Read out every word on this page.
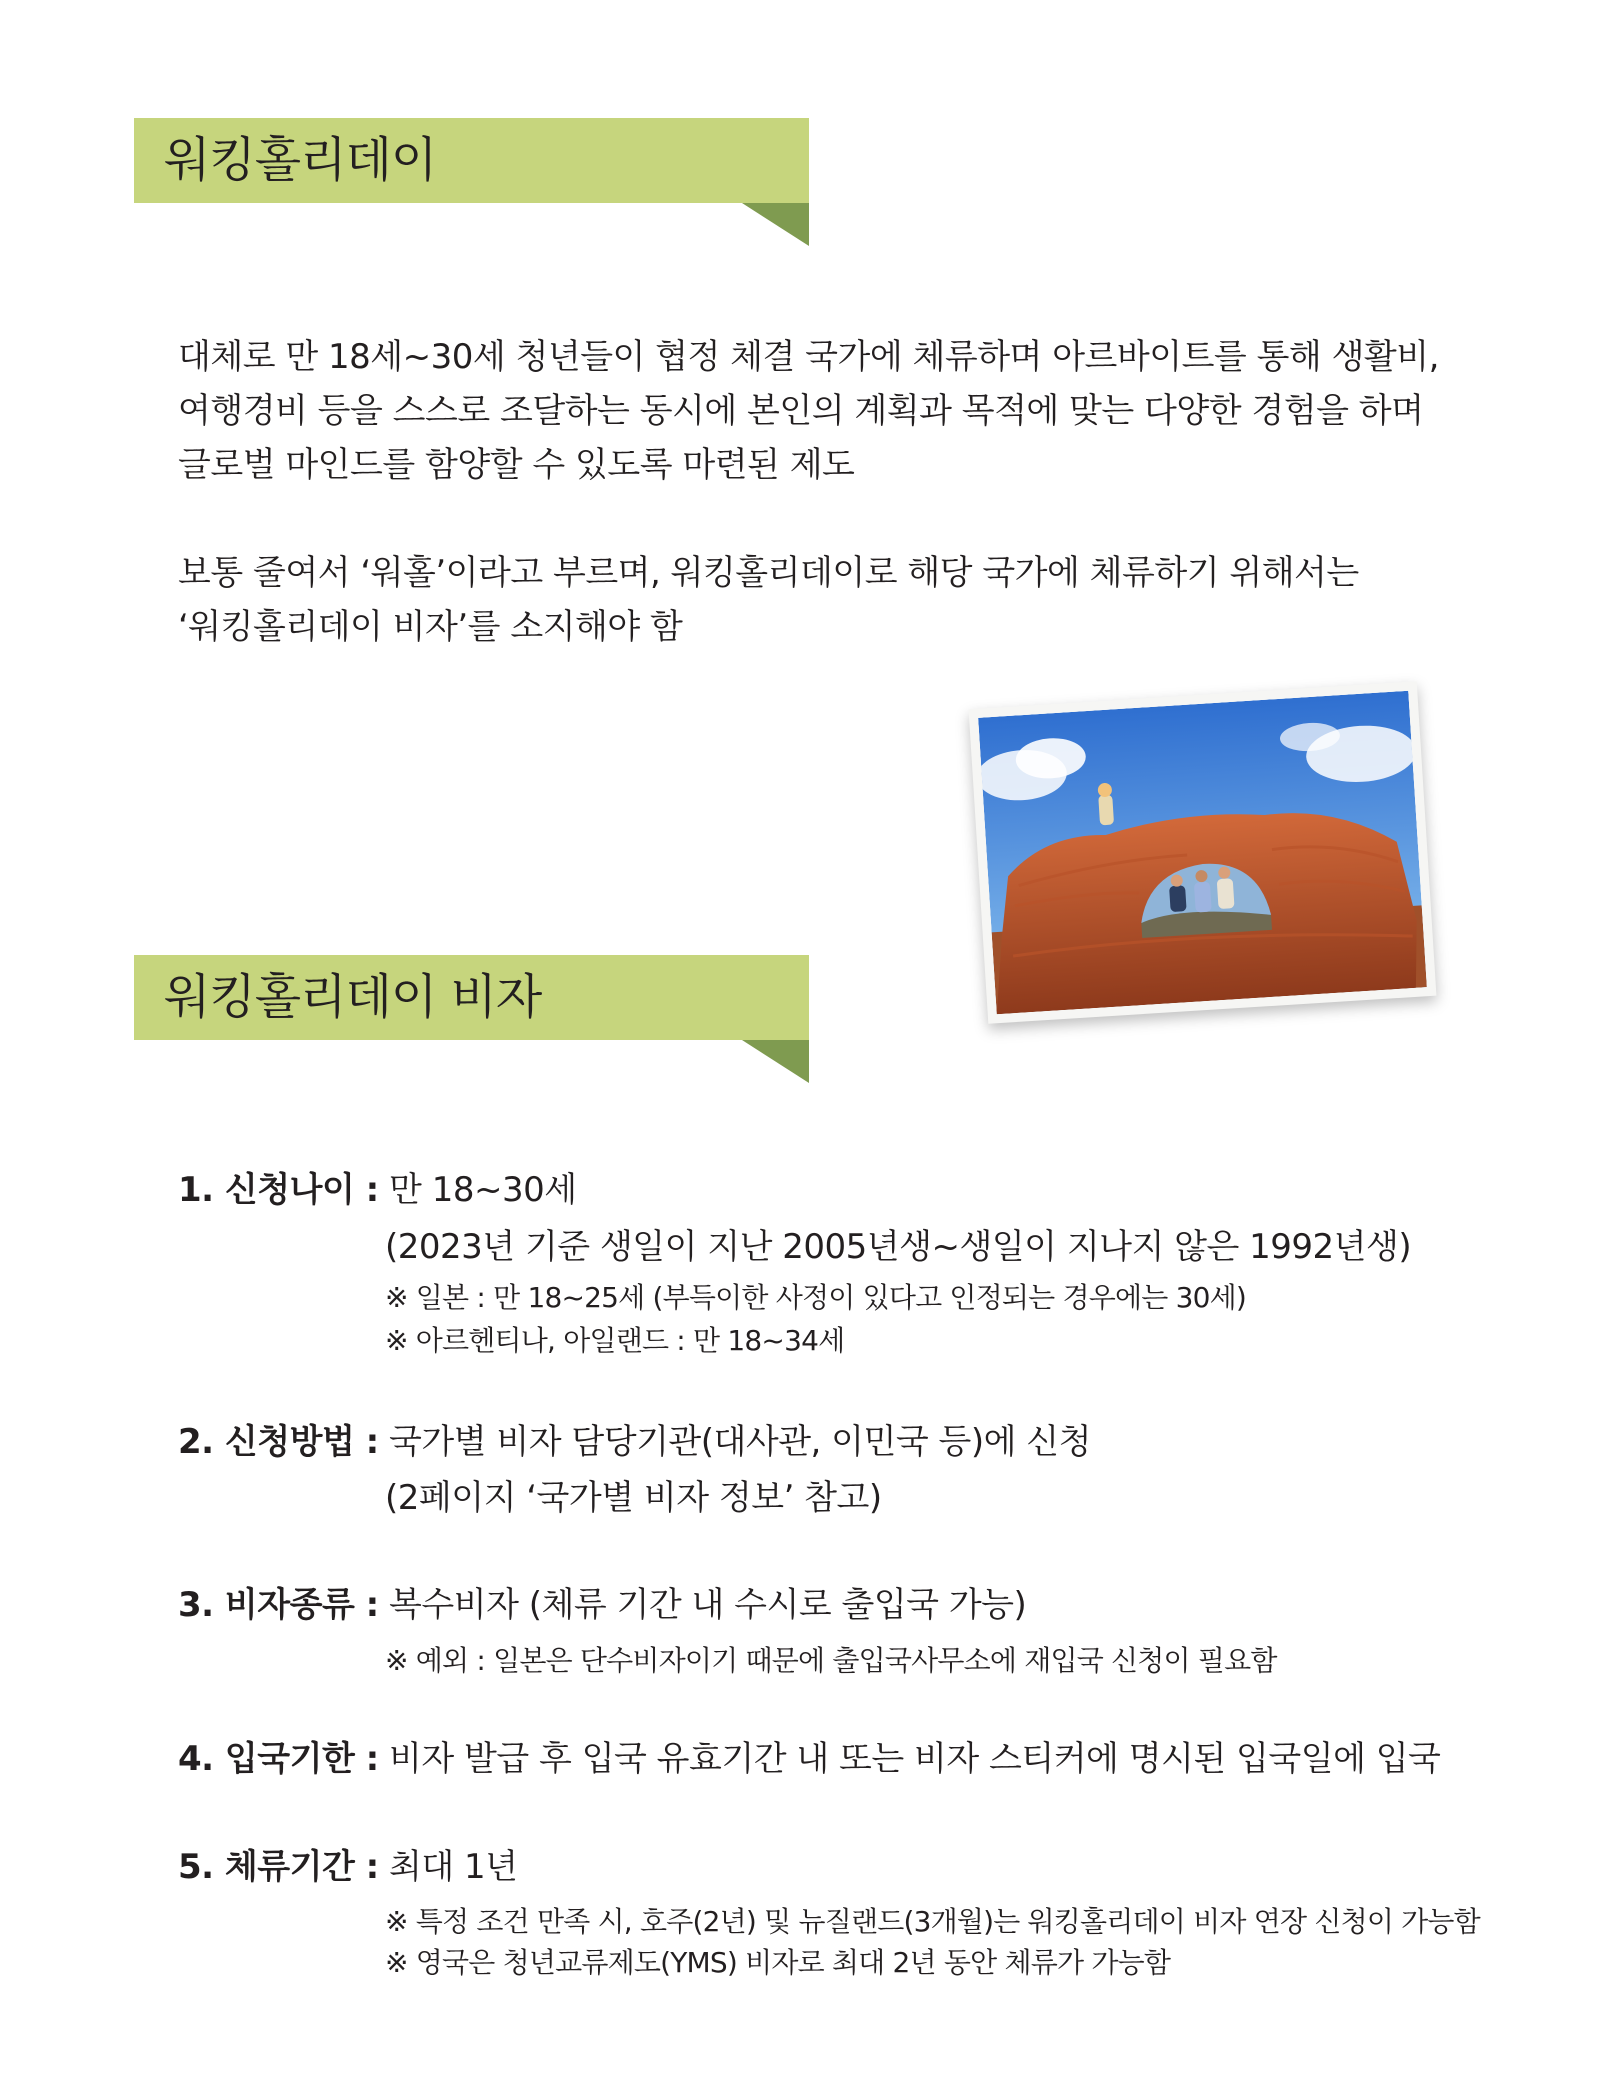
워킹홀리데이
대체로 만 18세~30세 청년들이 협정 체결 국가에 체류하며 아르바이트를 통해 생활비,
여행경비 등을 스스로 조달하는 동시에 본인의 계획과 목적에 맞는 다양한 경험을 하며
글로벌 마인드를 함양할 수 있도록 마련된 제도
보통 줄여서 ‘워홀’이라고 부르며, 워킹홀리데이로 해당 국가에 체류하기 위해서는
‘워킹홀리데이 비자’를 소지해야 함
워킹홀리데이 비자
1. 신청나이 : 만 18~30세
(2023년 기준 생일이 지난 2005년생~생일이 지나지 않은 1992년생)
※ 일본 : 만 18~25세 (부득이한 사정이 있다고 인정되는 경우에는 30세)
※ 아르헨티나, 아일랜드 : 만 18~34세
2. 신청방법 : 국가별 비자 담당기관(대사관, 이민국 등)에 신청
(2페이지 ‘국가별 비자 정보’ 참고)
3. 비자종류 : 복수비자 (체류 기간 내 수시로 출입국 가능)
※ 예외 : 일본은 단수비자이기 때문에 출입국사무소에 재입국 신청이 필요함
4. 입국기한 : 비자 발급 후 입국 유효기간 내 또는 비자 스티커에 명시된 입국일에 입국
5. 체류기간 : 최대 1년
※ 특정 조건 만족 시, 호주(2년) 및 뉴질랜드(3개월)는 워킹홀리데이 비자 연장 신청이 가능함
※ 영국은 청년교류제도(YMS) 비자로 최대 2년 동안 체류가 가능함
